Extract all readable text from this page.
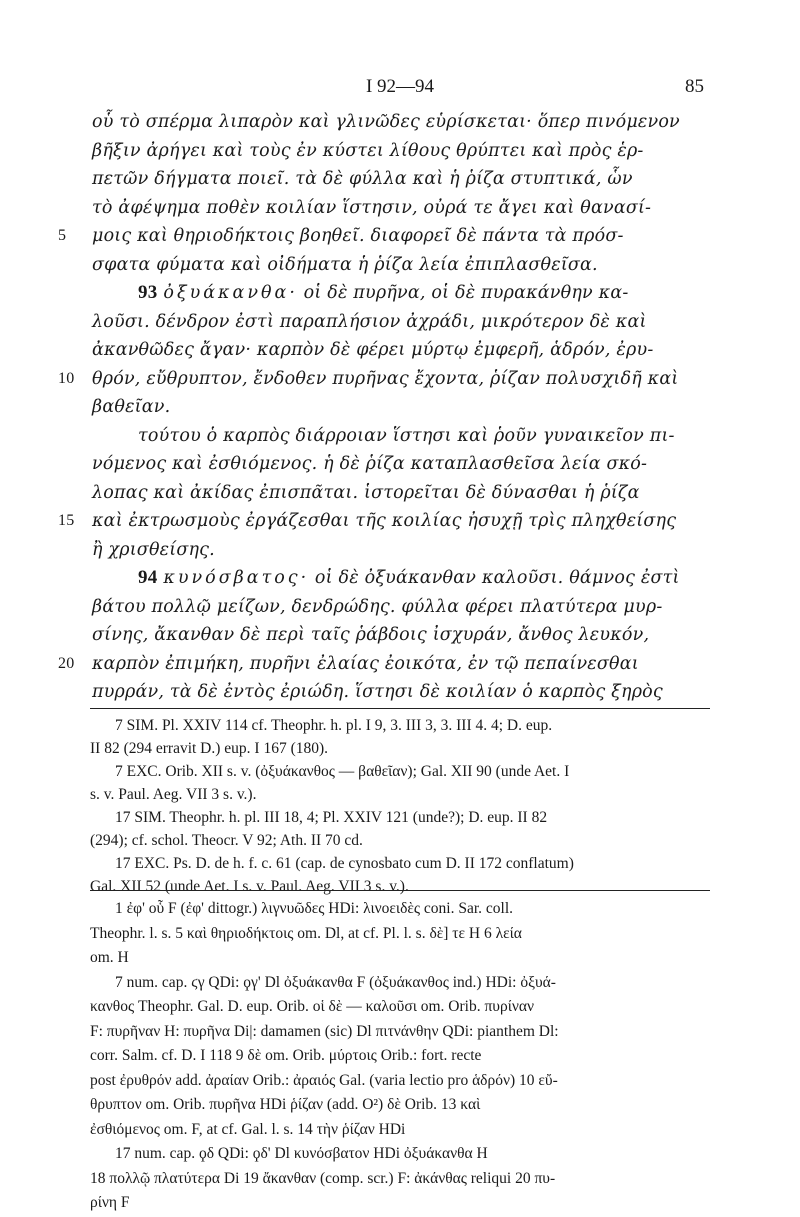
I 92—94	85
οὗ τὸ σπέρμα λιπαρὸν καὶ γλινῶδες εὑρίσκεται· ὅπερ πινόμενον
βῆξιν ἀρήγει καὶ τοὺς ἐν κύστει λίθους θρύπτει καὶ πρὸς ἑρ-
πετῶν δήγματα ποιεῖ. τὰ δὲ φύλλα καὶ ἡ ῥίζα στυπτικά, ὧν
τὸ ἀφέψημα ποθὲν κοιλίαν ἵστησιν, οὐρά τε ἄγει καὶ θανασί-
5 μοις καὶ θηριοδήκτοις βοηθεῖ. διαφορεῖ δὲ πάντα τὰ πρόσ-
σφατα φύματα καὶ οἰδήματα ἡ ῥίζα λεία ἐπιπλασθεῖσα.
93 ὀξυάκανθα· οἱ δὲ πυρῆνα, οἱ δὲ πυρακάνθην κα-
λοῦσι. δένδρον ἐστὶ παραπλήσιον ἀχράδι, μικρότερον δὲ καὶ
ἀκανθῶδες ἄγαν· καρπὸν δὲ φέρει μύρτῳ ἐμφερῆ, ἁδρόν, ἐρυ-
10 θρόν, εὔθρυπτον, ἔνδοθεν πυρῆνας ἔχοντα, ῥίζαν πολυσχιδῆ καὶ
βαθεῖαν.
τούτου ὁ καρπὸς διάρροιαν ἵστησι καὶ ῥοῦν γυναικεῖον πι-
νόμενος καὶ ἐσθιόμενος. ἡ δὲ ῥίζα καταπλασθεῖσα λεία σκό-
λοπας καὶ ἀκίδας ἐπισπᾶται. ἱστορεῖται δὲ δύνασθαι ἡ ῥίζα
15 καὶ ἐκτρωσμοὺς ἐργάζεσθαι τῆς κοιλίας ἠσυχῇ τρὶς πληχθείσης
ἢ χρισθείσης.
94 κυνόσβατος· οἱ δὲ ὀξυάκανθαν καλοῦσι. θάμνος ἐστὶ
βάτου πολλῷ μείζων, δενδρώδης. φύλλα φέρει πλατύτερα μυρ-
σίνης, ἄκανθαν δὲ περὶ ταῖς ῥάβδοις ἰσχυράν, ἄνθος λευκόν,
20 καρπὸν ἐπιμήκη, πυρῆνι ἐλαίας ἐοικότα, ἐν τῷ πεπαίνεσθαι
πυρράν, τὰ δὲ ἐντὸς ἐριώδη. ἵστησι δὲ κοιλίαν ὁ καρπὸς ξηρὸς

7 SIM. Pl. XXIV 114 cf. Theophr. h. pl. I 9, 3. III 3, 3. III 4. 4; D. eup.

II 82 (294 erravit D.) eup. I 167 (180).

7 EXC. Orib. XII s. v. (ὀξυάκανθος — βαθεῖαν); Gal. XII 90 (unde Aet. I

s. v. Paul. Aeg. VII 3 s. v.).

17 SIM. Theophr. h. pl. III 18, 4; Pl. XXIV 121 (unde?); D. eup. II 82

(294); cf. schol. Theocr. V 92; Ath. II 70 cd.

17 EXC. Ps. D. de h. f. c. 61 (cap. de cynosbato cum D. II 172 conflatum)

Gal. XII 52 (unde Aet. I s. v. Paul. Aeg. VII 3 s. v.).

1 ἐφ' οὗ F (ἐφ' dittogr.) λιγνυῶδες HDi: λινοειδὲς coni. Sar. coll.

Theophr. l. s. 5 καὶ θηριοδήκτοις om. Dl, at cf. Pl. l. s. δὲ] τε H 6 λεία

om. H

7 num. cap. ϛγ QDi: ϙγ' Dl ὀξυάκανθα F (ὀξυάκανθος ind.) HDi: ὀξυά-

κανθος Theophr. Gal. D. eup. Orib. οἱ δὲ — καλοῦσι om. Orib. πυρίναν

F: πυρῆναν H: πυρῆνα Di|: damamen (sic) Dl πιτνάνθην QDi: pianthem Dl:

corr. Salm. cf. D. I 118 9 δὲ om. Orib. μύρτοις Orib.: fort. recte

post ἐρυθρόν add. ἀραίαν Orib.: ἀραιός Gal. (varia lectio pro ἁδρόν) 10 εὔ-

θρυπτον om. Orib. πυρῆνα HDi ῥίζαν (add. O²) δὲ Orib. 13 καὶ

ἐσθιόμενος om. F, at cf. Gal. l. s. 14 τὴν ῥίζαν HDi

17 num. cap. ϙδ QDi: ϙδ' Dl κυνόσβατον HDi ὀξυάκανθα H

18 πολλῷ πλατύτερα Di 19 ἄκανθαν (comp. scr.) F: ἀκάνθας reliqui 20 πυ-

ρίνη F
